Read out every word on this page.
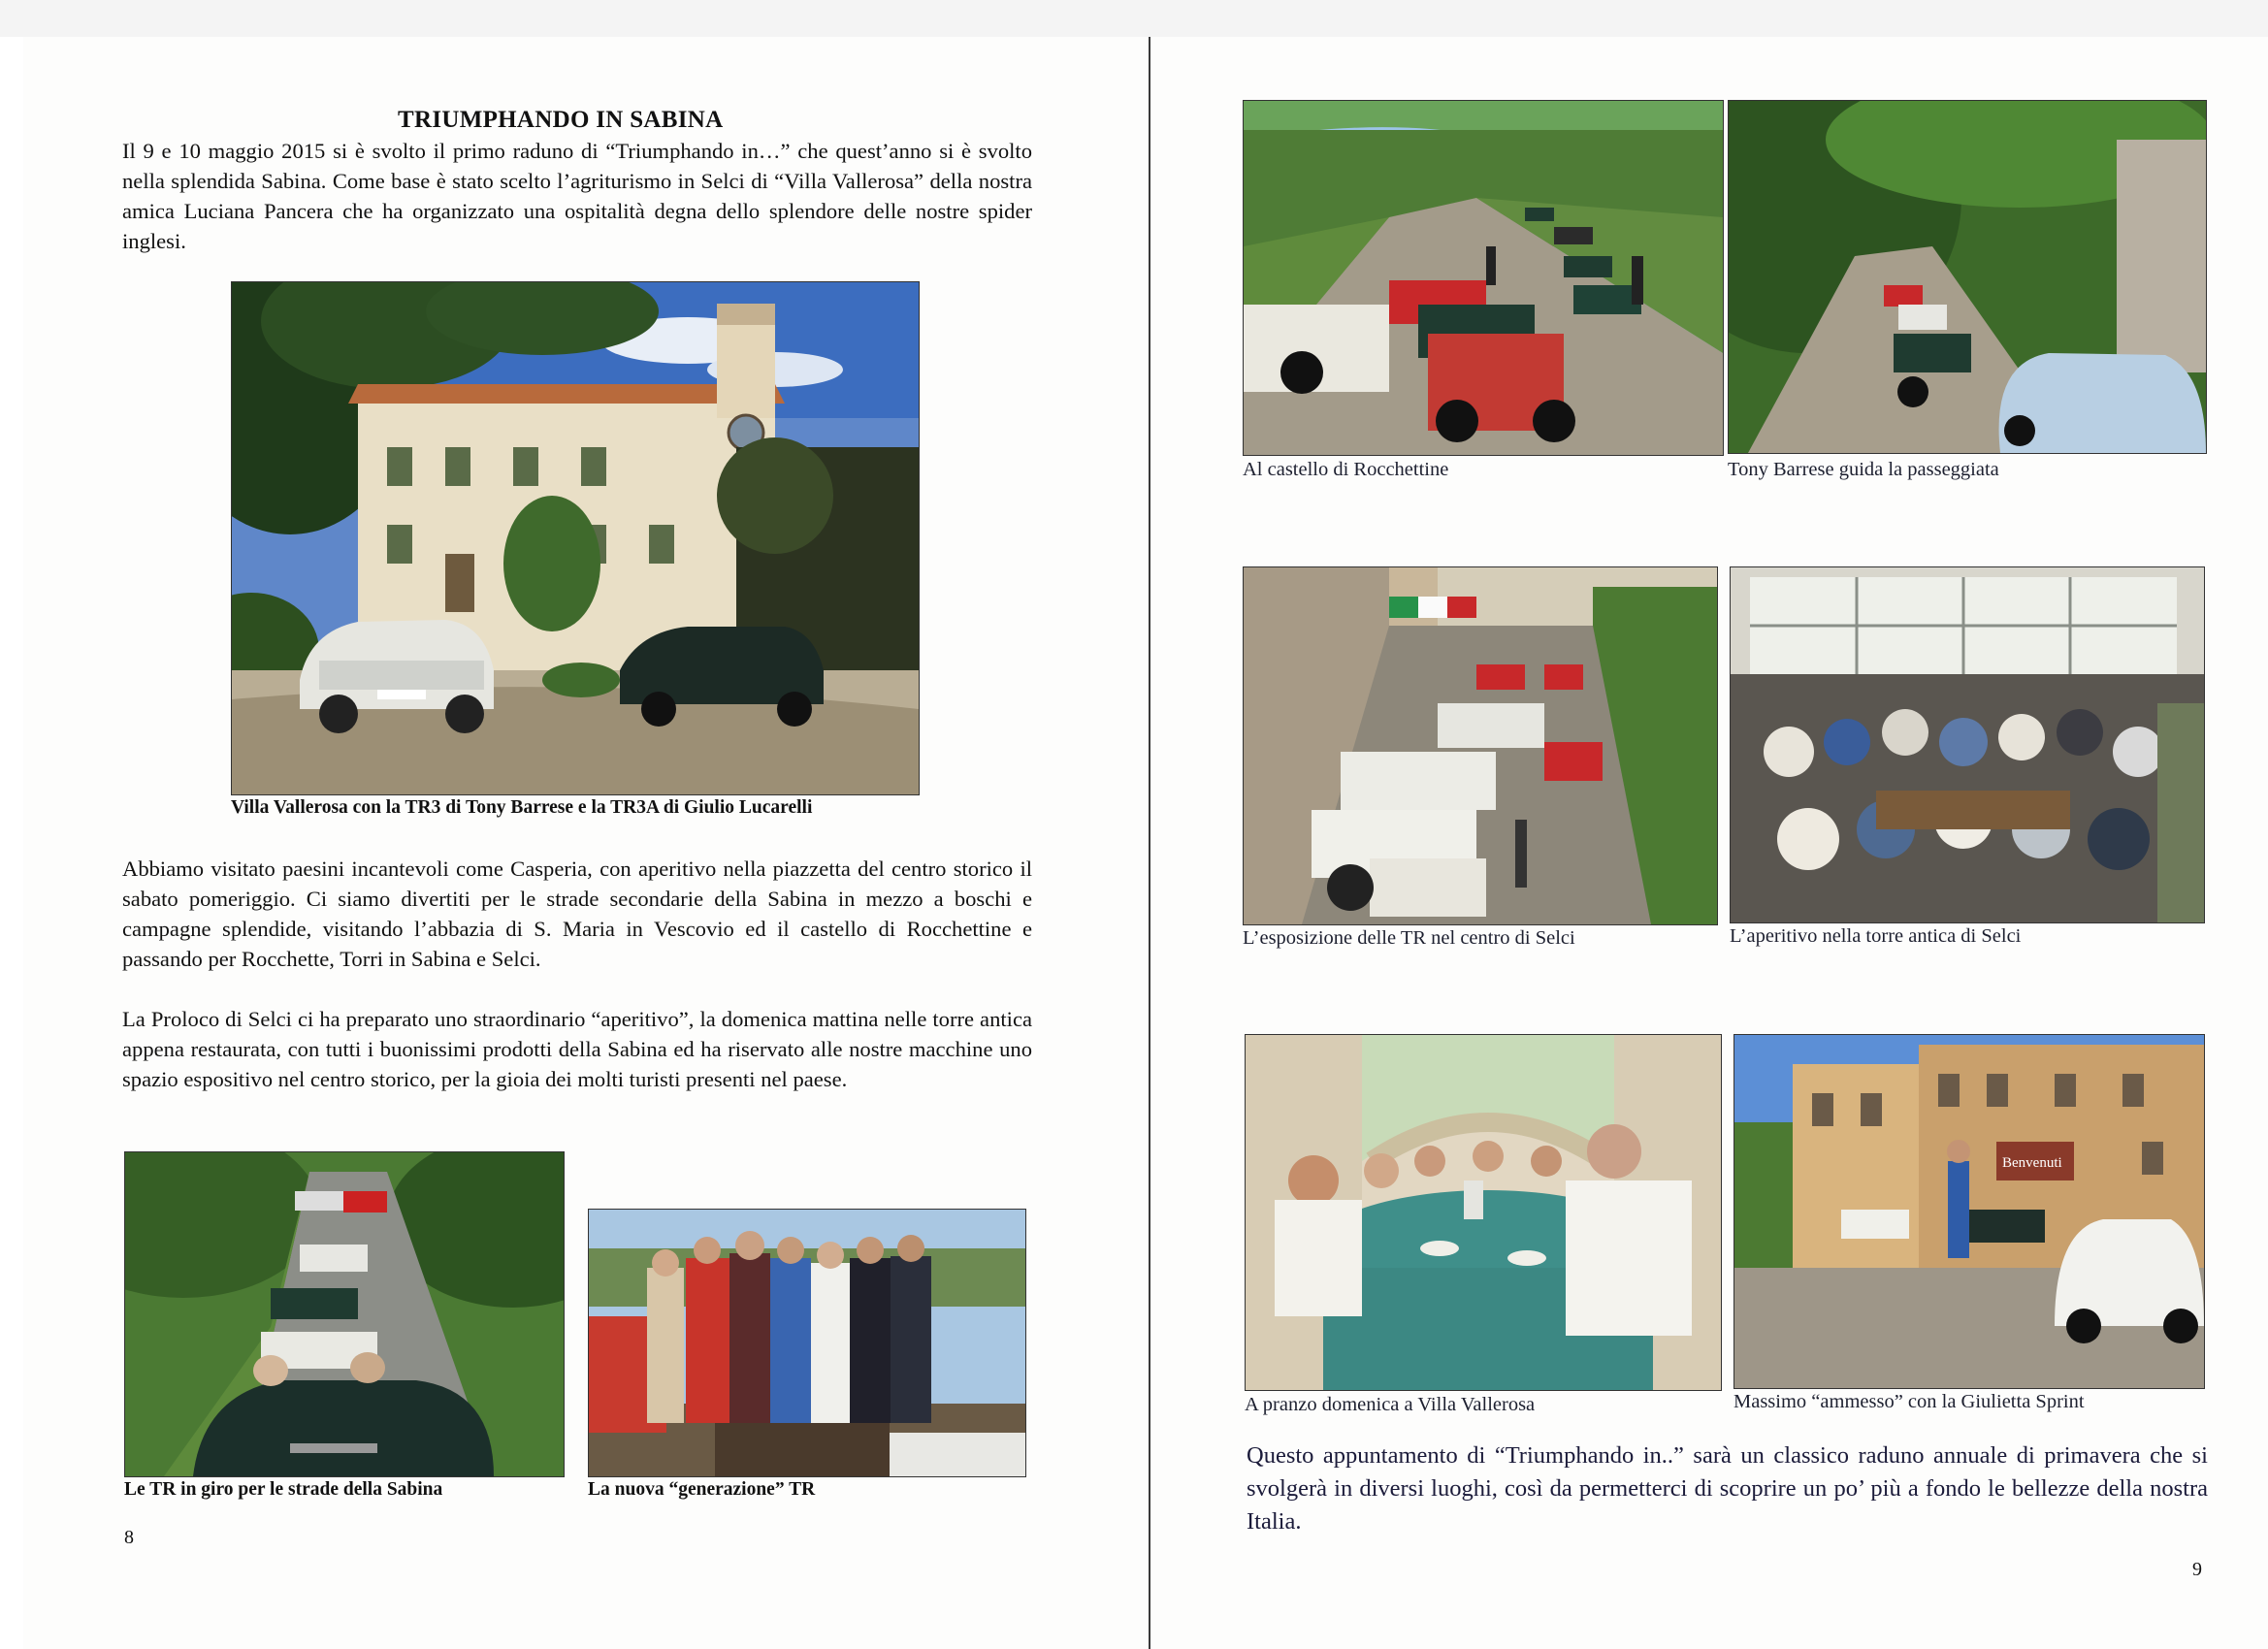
TRIUMPHANDO IN SABINA

Il 9 e 10 maggio 2015 si è svolto il primo raduno di “Triumphando in…” che quest’anno si è svolto nella splendida Sabina. Come base è stato scelto l’agriturismo in Selci di “Villa Vallerosa” della nostra amica Luciana Pancera che ha organizzato una ospitalità degna dello splendore delle nostre spider inglesi.

Villa Vallerosa con la TR3 di Tony Barrese e la TR3A di Giulio Lucarelli

Abbiamo visitato paesini incantevoli come Casperia, con aperitivo nella piazzetta del centro storico il sabato pomeriggio. Ci siamo divertiti per le strade secondarie della Sabina in mezzo a boschi e campagne splendide, visitando l’abbazia di S. Maria in Vescovio ed il castello di Rocchettine e passando per Rocchette, Torri in Sabina e Selci.

La Proloco di Selci ci ha preparato uno straordinario “aperitivo”, la domenica mattina nelle torre antica appena restaurata, con tutti i buonissimi prodotti della Sabina ed ha riservato alle nostre macchine uno spazio espositivo nel centro storico, per la gioia dei molti turisti presenti nel paese.

Le TR in giro per le strade della Sabina	La nuova “generazione” TR
8
Al castello di Rocchettine	Tony Barrese guida la passeggiata
L’esposizione delle TR nel centro di Selci	L’aperitivo nella torre antica di Selci
A pranzo domenica a Villa Vallerosa
Benvenuti
Massimo “ammesso” con la Giulietta Sprint

Questo appuntamento di “Triumphando in..” sarà un classico raduno annuale di primavera che si svolgerà in diversi luoghi, così da permetterci di scoprire un po’ più a fondo le bellezze della nostra Italia.

9
